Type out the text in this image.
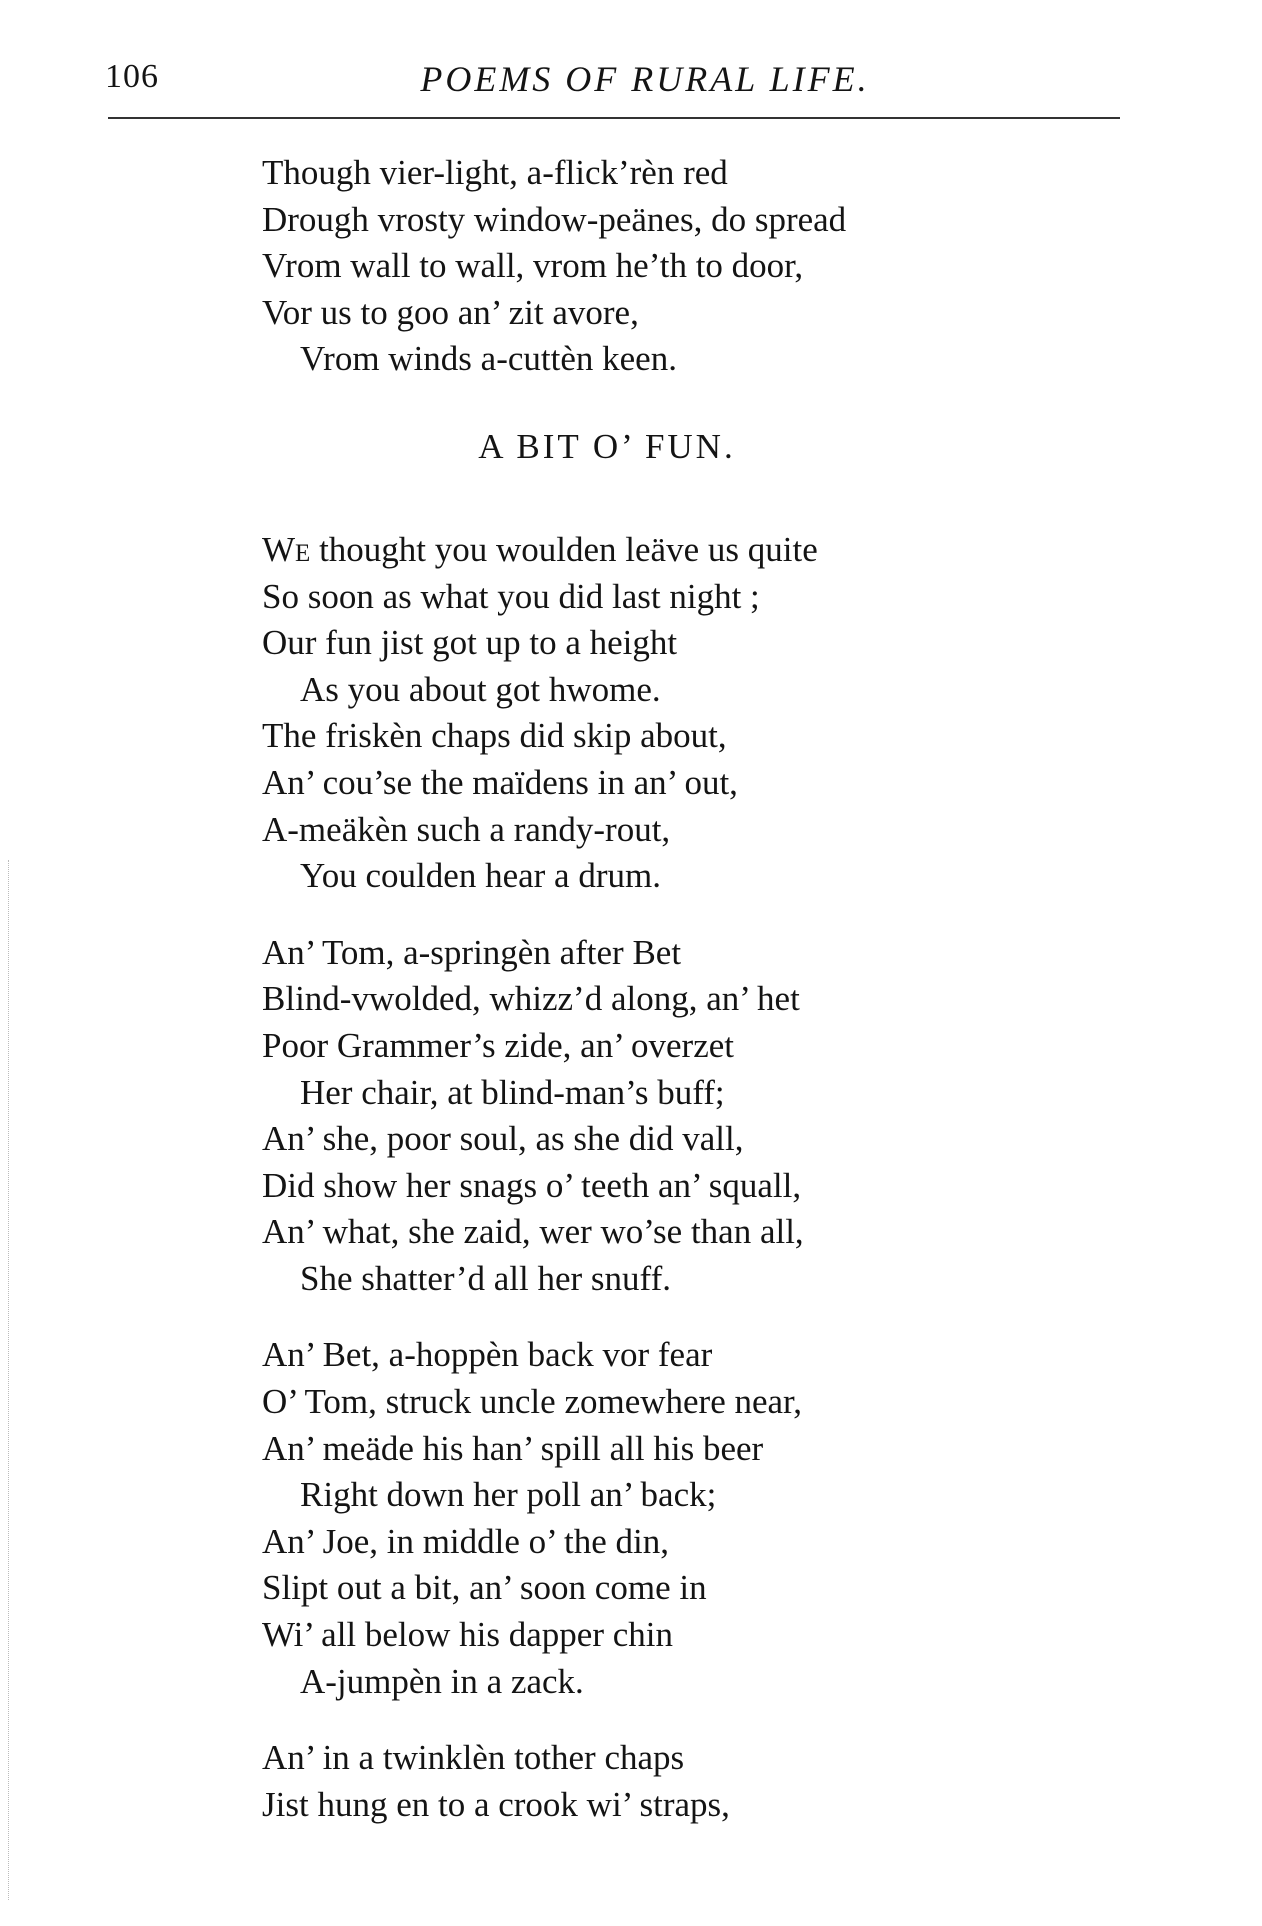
106	POEMS OF RURAL LIFE.
Though vier-light, a-flick’rèn red
Drough vrosty window-peänes, do spread
Vrom wall to wall, vrom he’th to door,
Vor us to goo an’ zit avore,
Vrom winds a-cuttèn keen.
A BIT O’ FUN.
We thought you woulden leäve us quite
So soon as what you did last night ;
Our fun jist got up to a height
As you about got hwome.
The friskèn chaps did skip about,
An’ cou’se the maïdens in an’ out,
A-meäkèn such a randy-rout,
You coulden hear a drum.
An’ Tom, a-springèn after Bet
Blind-vwolded, whizz’d along, an’ het
Poor Grammer’s zide, an’ overzet
Her chair, at blind-man’s buff;
An’ she, poor soul, as she did vall,
Did show her snags o’ teeth an’ squall,
An’ what, she zaid, wer wo’se than all,
She shatter’d all her snuff.
An’ Bet, a-hoppèn back vor fear
O’ Tom, struck uncle zomewhere near,
An’ meäde his han’ spill all his beer
Right down her poll an’ back;
An’ Joe, in middle o’ the din,
Slipt out a bit, an’ soon come in
Wi’ all below his dapper chin
A-jumpèn in a zack.
An’ in a twinklèn tother chaps
Jist hung en to a crook wi’ straps,
